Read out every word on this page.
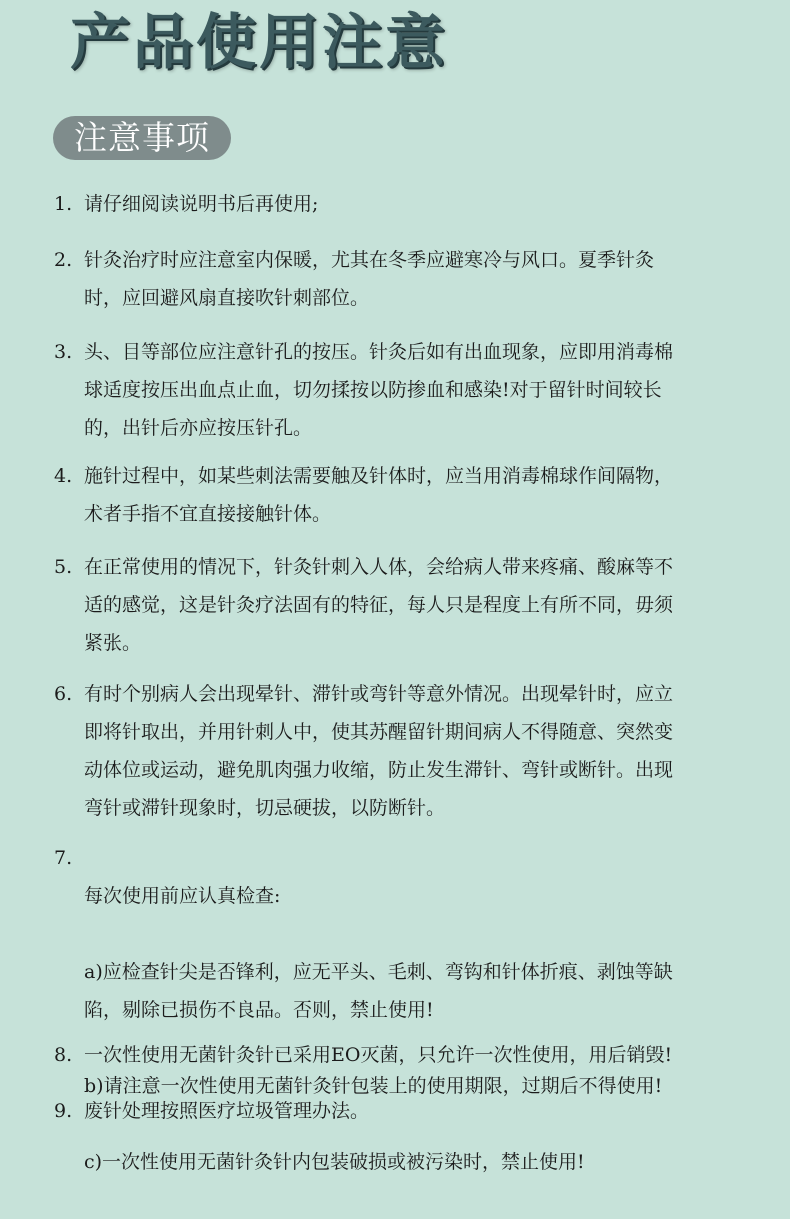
产品使用注意
注意事项
1. 请仔细阅读说明书后再使用;
2. 针灸治疗时应注意室内保暖，尤其在冬季应避寒冷与风口。夏季针灸
时，应回避风扇直接吹针刺部位。
3. 头、目等部位应注意针孔的按压。针灸后如有出血现象，应即用消毒棉
球适度按压出血点止血，切勿揉按以防掺血和感染!对于留针时间较长
的，出针后亦应按压针孔。
4. 施针过程中，如某些刺法需要触及针体时，应当用消毒棉球作间隔物，
术者手指不宜直接接触针体。
5. 在正常使用的情况下，针灸针刺入人体，会给病人带来疼痛、酸麻等不
适的感觉，这是针灸疗法固有的特征，每人只是程度上有所不同，毋须
紧张。
6. 有时个别病人会出现晕针、滞针或弯针等意外情况。出现晕针时，应立
即将针取出，并用针刺人中，使其苏醒留针期间病人不得随意、突然变
动体位或运动，避免肌肉强力收缩，防止发生滞针、弯针或断针。出现
弯针或滞针现象时，切忌硬拔，以防断针。
7.

每次使用前应认真检查:

a)应检查针尖是否锋利，应无平头、毛刺、弯钩和针体折痕、剥蚀等缺
陷，剔除已损伤不良品。否则，禁止使用!

b)请注意一次性使用无菌针灸针包装上的使用期限，过期后不得使用!

c)一次性使用无菌针灸针内包装破损或被污染时，禁止使用!

8. 一次性使用无菌针灸针已采用EO灭菌，只允许一次性使用，用后销毁!
9. 废针处理按照医疗垃圾管理办法。
